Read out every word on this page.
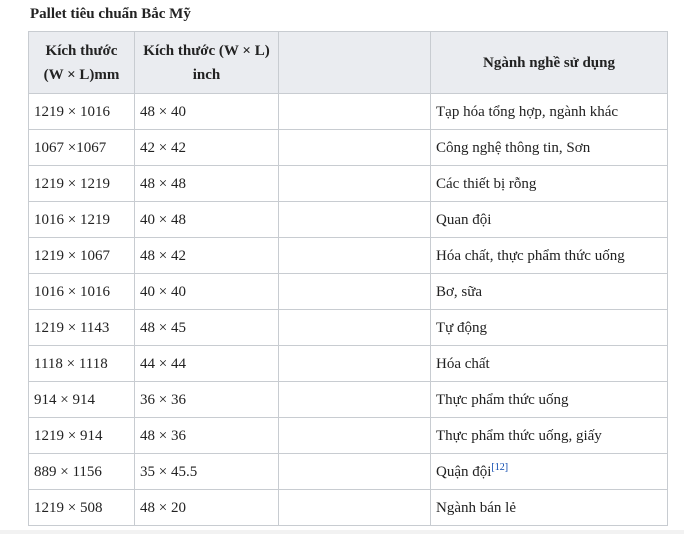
Pallet tiêu chuẩn Bắc Mỹ
Kích thước (W × L)mm	Kích thước (W × L) inch		Ngành nghề sử dụng
1219 × 1016	48 × 40		Tạp hóa tổng hợp, ngành khác
1067 ×1067	42 × 42		Công nghệ thông tin, Sơn
1219 × 1219	48 × 48		Các thiết bị rỗng
1016 × 1219	40 × 48		Quan đội
1219 × 1067	48 × 42		Hóa chất, thực phẩm thức uống
1016 × 1016	40 × 40		Bơ, sữa
1219 × 1143	48 × 45		Tự động
1118 × 1118	44 × 44		Hóa chất
914 × 914	36 × 36		Thực phẩm thức uống
1219 × 914	48 × 36		Thực phẩm thức uống, giấy
889 × 1156	35 × 45.5		Quận đội[12]
1219 × 508	48 × 20		Ngành bán lẻ
